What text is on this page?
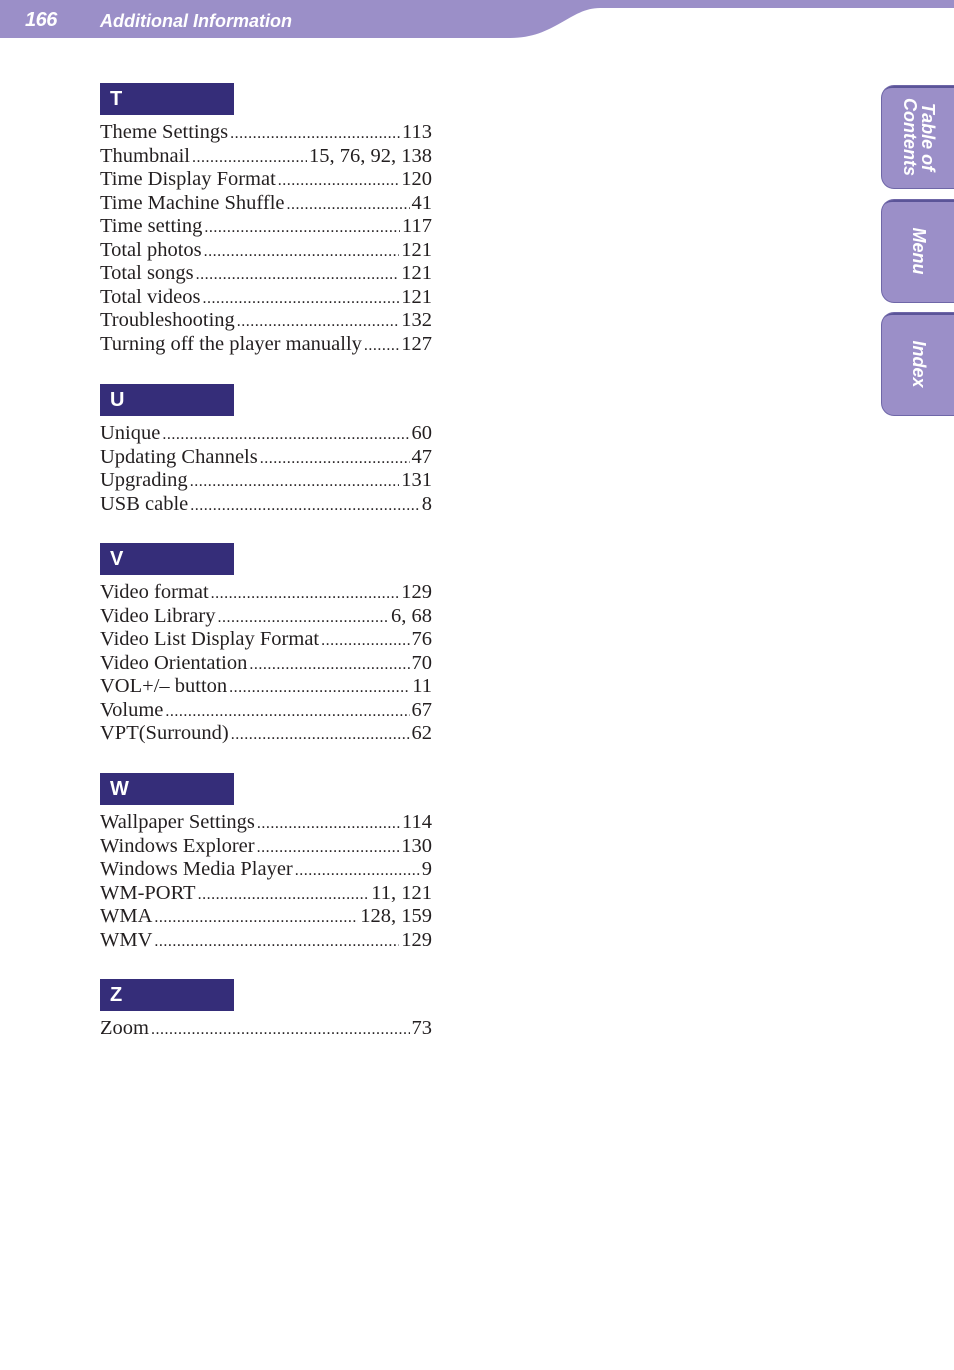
166 Additional Information
Table of
Contents
Menu
Index
T
Theme Settings .....	113
Thumbnail .....	15, 76, 92, 138
Time Display Format .....	120
Time Machine Shuffle .....	41
Time setting .....	117
Total photos .....	121
Total songs .....	121
Total videos .....	121
Troubleshooting .....	132
Turning off the player manually ..... 127
U
Unique .....	60
Updating Channels .....	47
Upgrading .....	131
USB cable .....	8
V
Video format .....	129
Video Library .....	6, 68
Video List Display Format .....	76
Video Orientation .....	70
VOL+/– button .....	11
Volume .....	67
VPT(Surround) .....	62
W
Wallpaper Settings .....	114
Windows Explorer .....	130
Windows Media Player .....	9
WM-PORT .....	11, 121
WMA .....	128, 159
WMV .....	129
Z
Zoom .....	73
